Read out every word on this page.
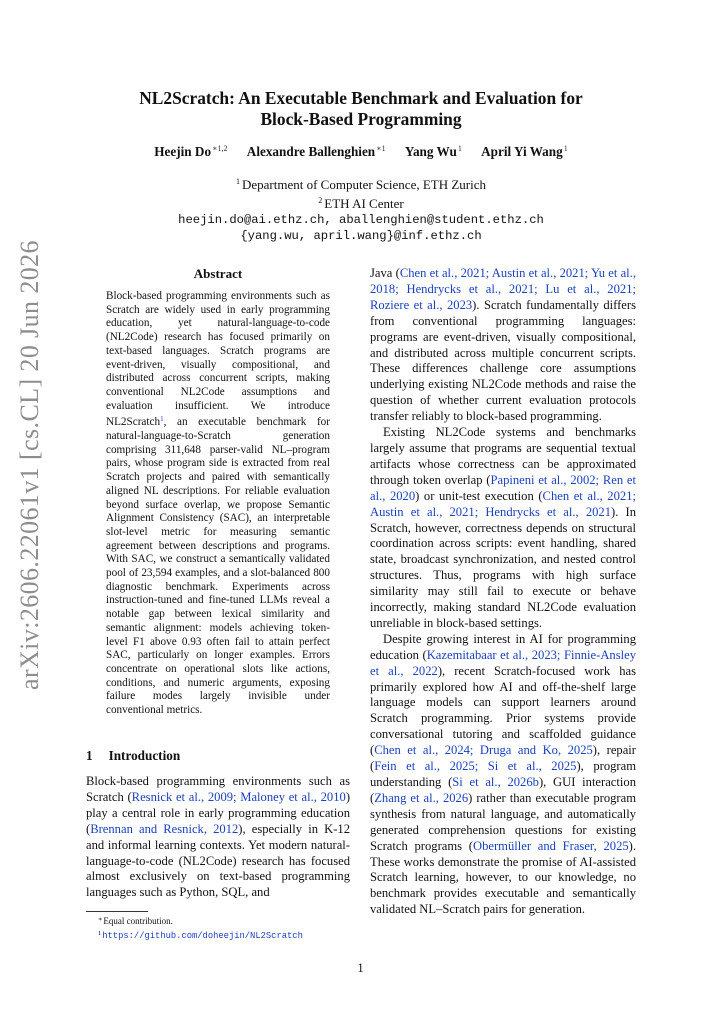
arXiv:2606.22061v1 [cs.CL] 20 Jun 2026
NL2Scratch: An Executable Benchmark and Evaluation for
Block-Based Programming
Heejin $Do^{∗1,2}$ Alexandre Ballenghien$^{∗1}$ Yang Wu$^1$ April Yi Wang$^1$
$^1$ Department of Computer Science, ETH Zurich
$^2$ ETH AI Center
heejin.do@ai.ethz.ch, aballenghien@student.ethz.ch
{yang.wu, april.wang}@inf.ethz.ch
Abstract
Block-based programming environments such as Scratch are widely used in early programming education, yet natural-language-to-code (NL2Code) research has focused primarily on text-based languages. Scratch programs are event-driven, visually compositional, and distributed across concurrent scripts, making conventional NL2Code assumptions and evaluation insufficient. We introduce NL2Scratch$^1$, an executable benchmark for natural-language-to-Scratch generation comprising 311,648 parser-valid NL–program pairs, whose program side is extracted from real Scratch projects and paired with semantically aligned NL descriptions. For reliable evaluation beyond surface overlap, we propose Semantic Alignment Consistency (SAC), an interpretable slot-level metric for measuring semantic agreement between descriptions and programs. With SAC, we construct a semantically validated pool of 23,594 examples, and a slot-balanced 800 diagnostic benchmark. Experiments across instruction-tuned and fine-tuned LLMs reveal a notable gap between lexical similarity and semantic alignment: models achieving token-level F1 above 0.93 often fail to attain perfect SAC, particularly on longer examples. Errors concentrate on operational slots like actions, conditions, and numeric arguments, exposing failure modes largely invisible under conventional metrics.
1 Introduction

Block-based programming environments such as Scratch (Resnick et al., 2009; Maloney et al., 2010) play a central role in early programming education (Brennan and Resnick, 2012), especially in K-12 and informal learning contexts. Yet modern natural-language-to-code (NL2Code) research has focused almost exclusively on text-based programming languages such as Python, SQL, and

Java (Chen et al., 2021; Austin et al., 2021; Yu et al., 2018; Hendrycks et al., 2021; Lu et al., 2021; Roziere et al., 2023). Scratch fundamentally differs from conventional programming languages: programs are event-driven, visually compositional, and distributed across multiple concurrent scripts. These differences challenge core assumptions underlying existing NL2Code methods and raise the question of whether current evaluation protocols transfer reliably to block-based programming.

Existing NL2Code systems and benchmarks largely assume that programs are sequential textual artifacts whose correctness can be approximated through token overlap (Papineni et al., 2002; Ren et al., 2020) or unit-test execution (Chen et al., 2021; Austin et al., 2021; Hendrycks et al., 2021). In Scratch, however, correctness depends on structural coordination across scripts: event handling, shared state, broadcast synchronization, and nested control structures. Thus, programs with high surface similarity may still fail to execute or behave incorrectly, making standard NL2Code evaluation unreliable in block-based settings.

Despite growing interest in AI for programming education (Kazemitabaar et al., 2023; Finnie-Ansley et al., 2022), recent Scratch-focused work has primarily explored how AI and off-the-shelf large language models can support learners around Scratch programming. Prior systems provide conversational tutoring and scaffolded guidance (Chen et al., 2024; Druga and Ko, 2025), repair (Fein et al., 2025; Si et al., 2025), program understanding (Si et al., 2026b), GUI interaction (Zhang et al., 2026) rather than executable program synthesis from natural language, and automatically generated comprehension questions for existing Scratch programs (Obermüller and Fraser, 2025). These works demonstrate the promise of AI-assisted Scratch learning, however, to our knowledge, no benchmark provides executable and semantically validated NL–Scratch pairs for generation.

∗Equal contribution.
$^1$https://github.com/doheejin/NL2Scratch
1
